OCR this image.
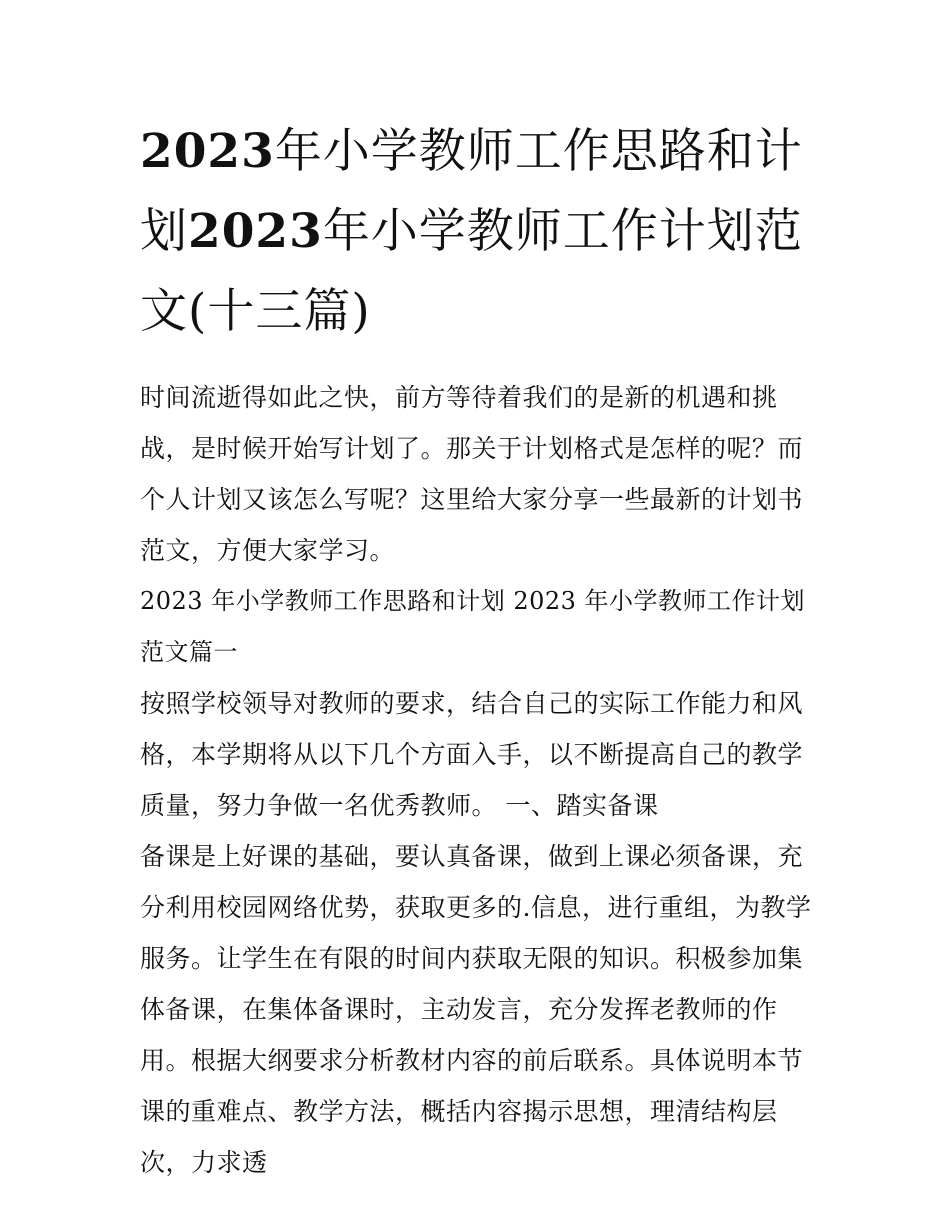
2023年小学教师工作思路和计划2023年小学教师工作计划范文(十三篇)

时间流逝得如此之快，前方等待着我们的是新的机遇和挑战，是时候开始写计划了。那关于计划格式是怎样的呢？而个人计划又该怎么写呢？这里给大家分享一些最新的计划书范文，方便大家学习。

2023 年小学教师工作思路和计划 2023 年小学教师工作计划范文篇一

按照学校领导对教师的要求，结合自己的实际工作能力和风格，本学期将从以下几个方面入手，以不断提高自己的教学质量，努力争做一名优秀教师。 一、踏实备课

备课是上好课的基础，要认真备课，做到上课必须备课，充分利用校园网络优势，获取更多的.信息，进行重组，为教学服务。让学生在有限的时间内获取无限的知识。积极参加集体备课，在集体备课时，主动发言，充分发挥老教师的作用。根据大纲要求分析教材内容的前后联系。具体说明本节课的重难点、教学方法，概括内容揭示思想，理清结构层次，力求透
